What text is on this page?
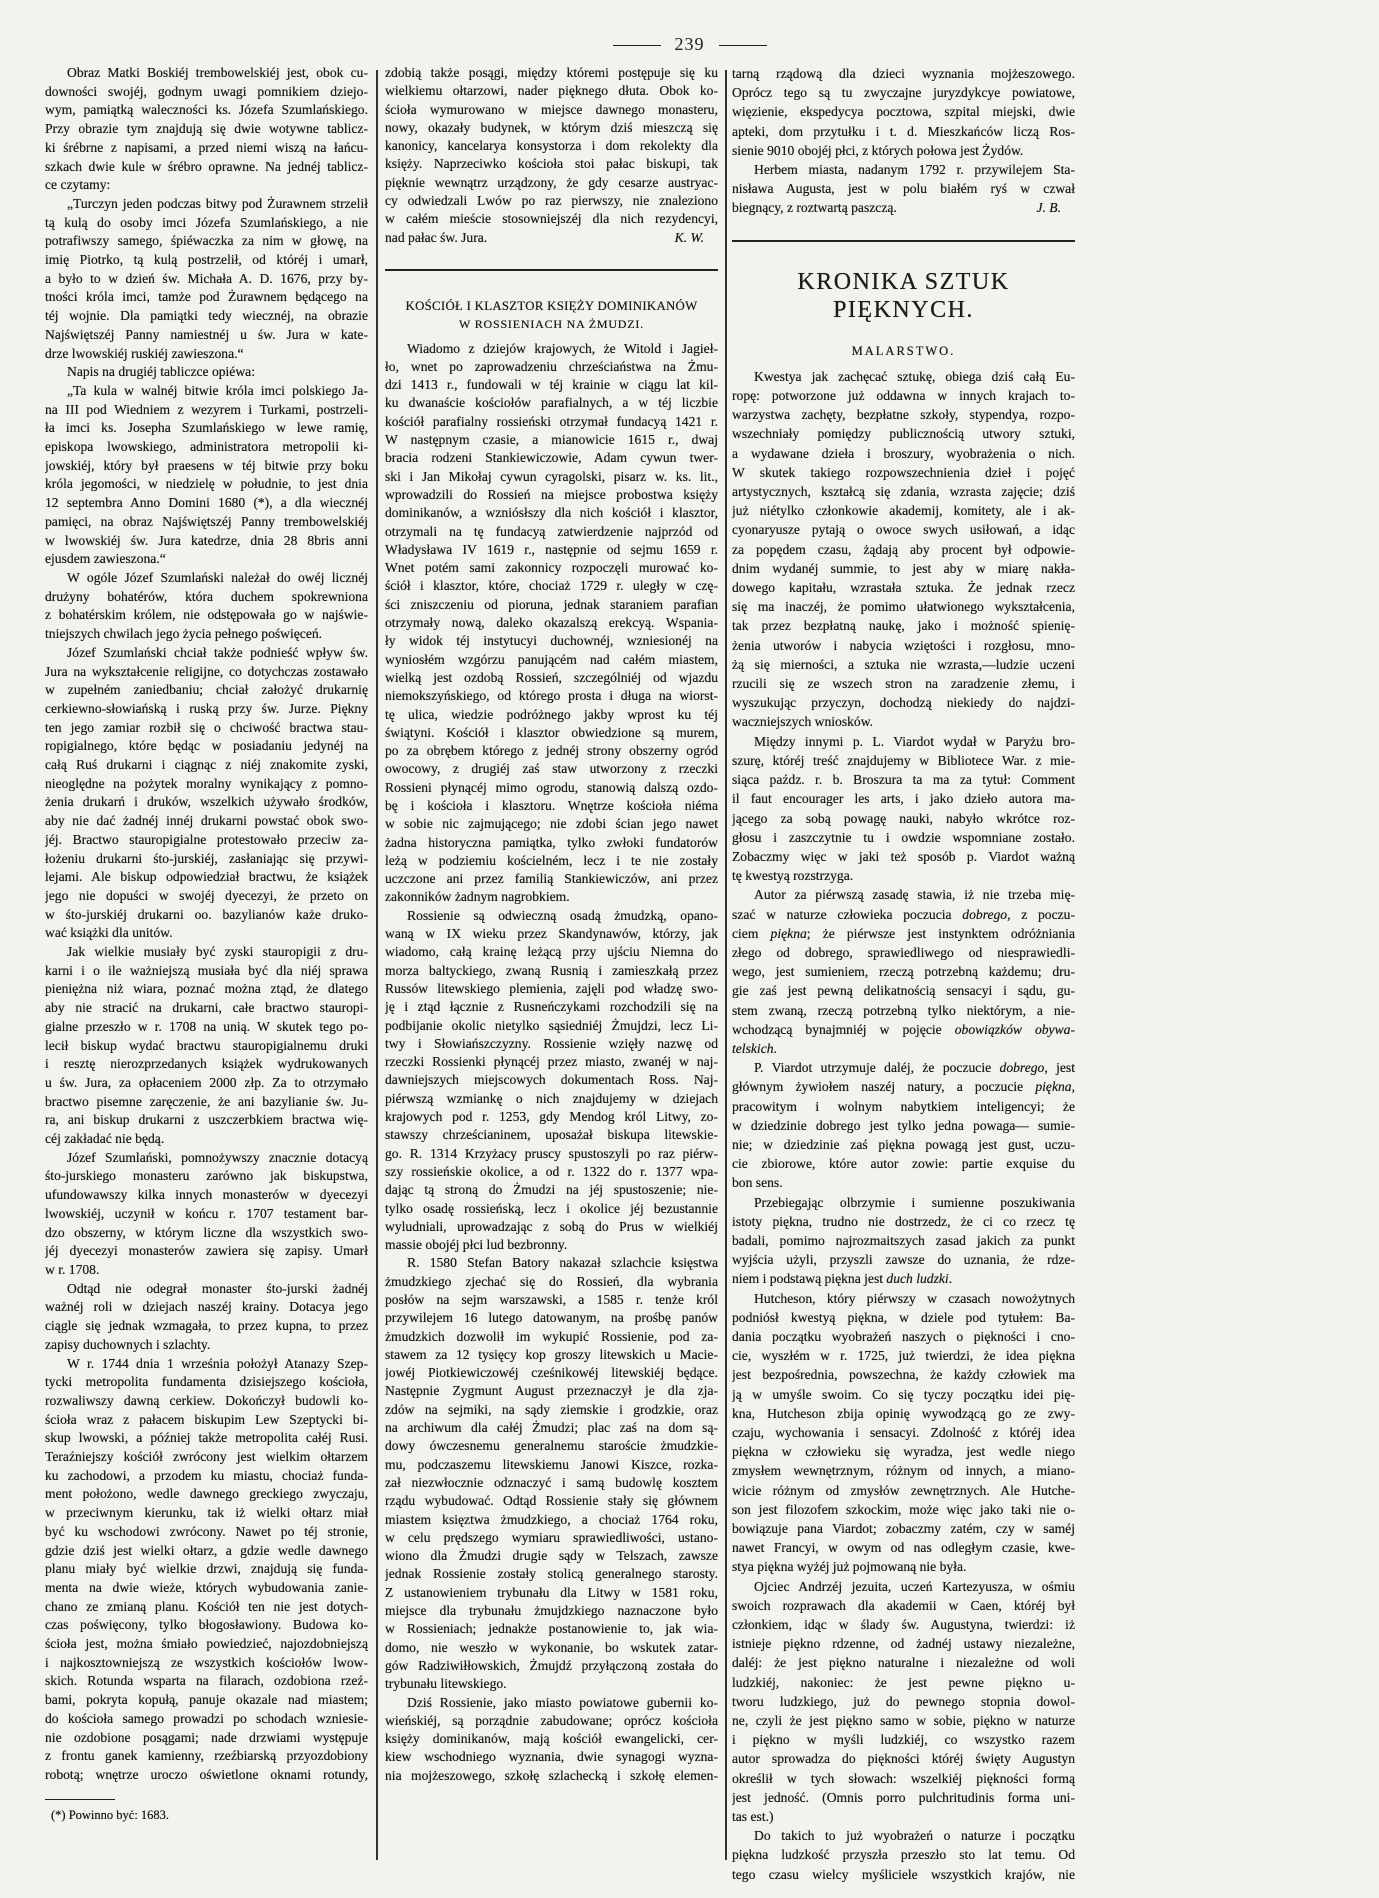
239
Obraz Matki Boskiéj trembowelskiéj jest, obok cu-
downości swojéj, godnym uwagi pomnikiem dziejo-
wym, pamiątką waleczności ks. Józefa Szumlańskiego.
Przy obrazie tym znajdują się dwie wotywne tablicz-
ki śrébrne z napisami, a przed niemi wiszą na łańcu-
szkach dwie kule w śrébro oprawne. Na jednéj tablicz-
ce czytamy:
„Turczyn jeden podczas bitwy pod Żurawnem strzelił
tą kulą do osoby imci Józefa Szumlańskiego, a nie
potrafiwszy samego, śpiéwaczka za nim w głowę, na
imię Piotrko, tą kulą postrzelił, od któréj i umarł,
a było to w dzień św. Michała A. D. 1676, przy by-
tności króla imci, tamże pod Żurawnem będącego na
téj wojnie. Dla pamiątki tedy wiecznéj, na obrazie
Najświętszéj Panny namiestnéj u św. Jura w kate-
drze lwowskiéj ruskiéj zawieszona.“
Napis na drugiéj tabliczce opiéwa:
„Ta kula w walnéj bitwie króla imci polskiego Ja-
na III pod Wiedniem z wezyrem i Turkami, postrzeli-
ła imci ks. Josepha Szumlańskiego w lewe ramię,
episkopa lwowskiego, administratora metropolii ki-
jowskiéj, który był praesens w téj bitwie przy boku
króla jegomości, w niedzielę w południe, to jest dnia
12 septembra Anno Domini 1680 (*), a dla wiecznéj
pamięci, na obraz Najświętszéj Panny trembowelskiéj
w lwowskiéj św. Jura katedrze, dnia 28 8bris anni
ejusdem zawieszona.“
W ogóle Józef Szumlański należał do owéj licznéj
drużyny bohatérów, która duchem spokrewniona
z bohatérskim królem, nie odstępowała go w najświe-
tniejszych chwilach jego życia pełnego poświęceń.
Józef Szumlański chciał także podnieść wpływ św.
Jura na wykształcenie religijne, co dotychczas zostawało
w zupełném zaniedbaniu; chciał założyć drukarnię
cerkiewno-słowiańską i ruską przy św. Jurze. Piękny
ten jego zamiar rozbił się o chciwość bractwa stau-
ropigialnego, które będąc w posiadaniu jedynéj na
całą Ruś drukarni i ciągnąc z niéj znakomite zyski,
nieoględne na pożytek moralny wynikający z pomno-
żenia drukarń i druków, wszelkich używało środków,
aby nie dać żadnéj innéj drukarni powstać obok swo-
jéj. Bractwo stauropigialne protestowało przeciw za-
łożeniu drukarni śto-jurskiéj, zasłaniając się przywi-
lejami. Ale biskup odpowiedział bractwu, że książek
jego nie dopuści w swojéj dyecezyi, że przeto on
w śto-jurskiéj drukarni oo. bazylianów każe druko-
wać książki dla unitów.
Jak wielkie musiały być zyski stauropigii z dru-
karni i o ile ważniejszą musiała być dla niéj sprawa
pieniężna niż wiara, poznać można ztąd, że dlatego
aby nie stracić na drukarni, całe bractwo stauropi-
gialne przeszło w r. 1708 na unią. W skutek tego po-
lecił biskup wydać bractwu stauropigialnemu druki
i resztę nierozprzedanych książek wydrukowanych
u św. Jura, za opłaceniem 2000 złp. Za to otrzymało
bractwo pisemne zaręczenie, że ani bazylianie św. Ju-
ra, ani biskup drukarni z uszczerbkiem bractwa wię-
céj zakładać nie będą.
Józef Szumlański, pomnożywszy znacznie dotacyą
śto-jurskiego monasteru zarówno jak biskupstwa,
ufundowawszy kilka innych monasterów w dyecezyi
lwowskiéj, uczynił w końcu r. 1707 testament bar-
dzo obszerny, w którym liczne dla wszystkich swo-
jéj dyecezyi monasterów zawiera się zapisy. Umarł
w r. 1708.
Odtąd nie odegrał monaster śto-jurski żadnéj
ważnéj roli w dziejach naszéj krainy. Dotacya jego
ciągle się jednak wzmagała, to przez kupna, to przez
zapisy duchownych i szlachty.
W r. 1744 dnia 1 września położył Atanazy Szep-
tycki metropolita fundamenta dzisiejszego kościoła,
rozwaliwszy dawną cerkiew. Dokończył budowli ko-
ścioła wraz z pałacem biskupim Lew Szeptycki bi-
skup lwowski, a później także metropolita całéj Rusi.
Teraźniejszy kościół zwrócony jest wielkim ołtarzem
ku zachodowi, a przodem ku miastu, chociaż funda-
ment położono, wedle dawnego greckiego zwyczaju,
w przeciwnym kierunku, tak iż wielki ołtarz miał
być ku wschodowi zwrócony. Nawet po téj stronie,
gdzie dziś jest wielki ołtarz, a gdzie wedle dawnego
planu miały być wielkie drzwi, znajdują się funda-
menta na dwie wieże, których wybudowania zanie-
chano ze zmianą planu. Kościół ten nie jest dotych-
czas poświęcony, tylko błogosławiony. Budowa ko-
ścioła jest, można śmiało powiedzieć, najozdobniejszą
i najkosztowniejszą ze wszystkich kościołów lwow-
skich. Rotunda wsparta na filarach, ozdobiona rzeź-
bami, pokryta kopułą, panuje okazale nad miastem;
do kościoła samego prowadzi po schodach wzniesie-
nie ozdobione posągami; nade drzwiami występuje
z frontu ganek kamienny, rzeźbiarską przyozdobiony
robotą; wnętrze uroczo oświetlone oknami rotundy,
(*) Powinno być: 1683.
zdobią także posągi, między któremi postępuje się ku
wielkiemu ołtarzowi, nader pięknego dłuta. Obok ko-
ścioła wymurowano w miejsce dawnego monasteru,
nowy, okazały budynek, w którym dziś mieszczą się
kanonicy, kancelarya konsystorza i dom rekolekty dla
księży. Naprzeciwko kościoła stoi pałac biskupi, tak
pięknie wewnątrz urządzony, że gdy cesarze austryac-
cy odwiedzali Lwów po raz pierwszy, nie znaleziono
w całém mieście stosowniejszéj dla nich rezydencyi,
nad pałac św. Jura.	K. W.
KOŚCIÓŁ I KLASZTOR KSIĘŻY DOMINIKANÓW
W ROSSIENIACH NA ŻMUDZI.
Wiadomo z dziejów krajowych, że Witold i Jagieł-
ło, wnet po zaprowadzeniu chrześciaństwa na Żmu-
dzi 1413 r., fundowali w téj krainie w ciągu lat kil-
ku dwanaście kościołów parafialnych, a w téj liczbie
kościół parafialny rossieński otrzymał fundacyą 1421 r.
W następnym czasie, a mianowicie 1615 r., dwaj
bracia rodzeni Stankiewiczowie, Adam cywun twer-
ski i Jan Mikołaj cywun cyragolski, pisarz w. ks. lit.,
wprowadzili do Rossień na miejsce probostwa księży
dominikanów, a wzniósłszy dla nich kościół i klasztor,
otrzymali na tę fundacyą zatwierdzenie najprzód od
Władysława IV 1619 r., następnie od sejmu 1659 r.
Wnet potém sami zakonnicy rozpoczęli murować ko-
ściół i klasztor, które, chociaż 1729 r. uległy w czę-
ści zniszczeniu od pioruna, jednak staraniem parafian
otrzymały nową, daleko okazalszą erekcyą. Wspania-
ły widok téj instytucyi duchownéj, wzniesionéj na
wyniosłém wzgórzu panującém nad całém miastem,
wielką jest ozdobą Rossień, szczególniéj od wjazdu
niemokszyńskiego, od którego prosta i długa na wiorst-
tę ulica, wiedzie podróżnego jakby wprost ku téj
świątyni. Kościół i klasztor obwiedzione są murem,
po za obrębem którego z jednéj strony obszerny ogród
owocowy, z drugiéj zaś staw utworzony z rzeczki
Rossieni płynącéj mimo ogrodu, stanowią dalszą ozdo-
bę i kościoła i klasztoru. Wnętrze kościoła niéma
w sobie nic zajmującego; nie zdobi ścian jego nawet
żadna historyczna pamiątka, tylko zwłoki fundatorów
leżą w podziemiu kościelném, lecz i te nie zostały
uczczone ani przez familią Stankiewiczów, ani przez
zakonników żadnym nagrobkiem.
Rossienie są odwieczną osadą żmudzką, opano-
waną w IX wieku przez Skandynawów, którzy, jak
wiadomo, całą krainę leżącą przy ujściu Niemna do
morza baltyckiego, zwaną Rusnią i zamieszkałą przez
Russów litewskiego plemienia, zajęli pod władzę swo-
ję i ztąd łącznie z Rusneńczykami rozchodzili się na
podbijanie okolic nietylko sąsiedniéj Żmujdzi, lecz Li-
twy i Słowiańszczyzny. Rossienie wzięły nazwę od
rzeczki Rossienki płynącéj przez miasto, zwanéj w naj-
dawniejszych miejscowych dokumentach Ross. Naj-
piérwszą wzmiankę o nich znajdujemy w dziejach
krajowych pod r. 1253, gdy Mendog król Litwy, zo-
stawszy chrześcianinem, uposażał biskupa litewskie-
go. R. 1314 Krzyżacy pruscy spustoszyli po raz piérw-
szy rossieńskie okolice, a od r. 1322 do r. 1377 wpa-
dając tą stroną do Żmudzi na jéj spustoszenie; nie-
tylko osadę rossieńską, lecz i okolice jéj bezustannie
wyludniali, uprowadzając z sobą do Prus w wielkiéj
massie obojéj płci lud bezbronny.
R. 1580 Stefan Batory nakazał szlachcie księstwa
żmudzkiego zjechać się do Rossień, dla wybrania
posłów na sejm warszawski, a 1585 r. tenże król
przywilejem 16 lutego datowanym, na prośbę panów
żmudzkich dozwolił im wykupić Rossienie, pod za-
stawem za 12 tysięcy kop groszy litewskich u Macie-
jowéj Piotkiewiczowéj cześnikowéj litewskiéj będące.
Następnie Zygmunt August przeznaczył je dla zja-
zdów na sejmiki, na sądy ziemskie i grodzkie, oraz
na archiwum dla całéj Żmudzi; plac zaś na dom są-
dowy ówczesnemu generalnemu staroście żmudzkie-
mu, podczaszemu litewskiemu Janowi Kiszce, rozka-
zał niezwłocznie odznaczyć i samą budowlę kosztem
rządu wybudować. Odtąd Rossienie stały się głównem
miastem księztwa żmudzkiego, a chociaż 1764 roku,
w celu prędszego wymiaru sprawiedliwości, ustano-
wiono dla Żmudzi drugie sądy w Telszach, zawsze
jednak Rossienie zostały stolicą generalnego starosty.
Z ustanowieniem trybunału dla Litwy w 1581 roku,
miejsce dla trybunału żmujdzkiego naznaczone było
w Rossieniach; jednakże postanowienie to, jak wia-
domo, nie weszło w wykonanie, bo wskutek zatar-
gów Radziwiłłowskich, Żmujdź przyłączoną została do
trybunału litewskiego.
Dziś Rossienie, jako miasto powiatowe gubernii ko-
wieńskiéj, są porządnie zabudowane; oprócz kościoła
księży dominikanów, mają kościół ewangelicki, cer-
kiew wschodniego wyznania, dwie synagogi wyzna-
nia mojżeszowego, szkołę szlachecką i szkołę elemen-
tarną rządową dla dzieci wyznania mojżeszowego.
Oprócz tego są tu zwyczajne juryzdykcye powiatowe,
więzienie, ekspedycya pocztowa, szpital miejski, dwie
apteki, dom przytułku i t. d. Mieszkańców liczą Ros-
sienie 9010 obojéj płci, z których połowa jest Żydów.
Herbem miasta, nadanym 1792 r. przywilejem Sta-
nisława Augusta, jest w polu białém ryś w czwał
biegnący, z roztwartą paszczą.	J. B.
KRONIKA SZTUK PIĘKNYCH.
MALARSTWO.
Kwestya jak zachęcać sztukę, obiega dziś całą Eu-
ropę: potworzone już oddawna w innych krajach to-
warzystwa zachęty, bezpłatne szkoły, stypendya, rozpo-
wszechniały pomiędzy publicznością utwory sztuki,
a wydawane dzieła i broszury, wyobrażenia o nich.
W skutek takiego rozpowszechnienia dzieł i pojęć
artystycznych, kształcą się zdania, wzrasta zajęcie; dziś
już niétylko członkowie akademij, komitety, ale i ak-
cyonaryusze pytają o owoce swych usiłowań, a idąc
za popędem czasu, żądają aby procent był odpowie-
dnim wydanéj summie, to jest aby w miarę nakła-
dowego kapitału, wzrastała sztuka. Że jednak rzecz
się ma inaczéj, że pomimo ułatwionego wykształcenia,
tak przez bezpłatną naukę, jako i możność spienię-
żenia utworów i nabycia wziętości i rozgłosu, mno-
żą się mierności, a sztuka nie wzrasta,—ludzie uczeni
rzucili się ze wszech stron na zaradzenie złemu, i
wyszukując przyczyn, dochodzą niekiedy do najdzi-
waczniejszych wniosków.
Między innymi p. L. Viardot wydał w Paryżu bro-
szurę, któréj treść znajdujemy w Bibliotece War. z mie-
siąca paźdz. r. b. Broszura ta ma za tytuł: Comment
il faut encourager les arts, i jako dzieło autora ma-
jącego za sobą powagę nauki, nabyło wkrótce roz-
głosu i zaszczytnie tu i owdzie wspomniane zostało.
Zobaczmy więc w jaki też sposób p. Viardot ważną
tę kwestyą rozstrzyga.
Autor za piérwszą zasadę stawia, iż nie trzeba mię-
szać w naturze człowieka poczucia dobrego, z poczu-
ciem piękna; że piérwsze jest instynktem odróżniania
złego od dobrego, sprawiedliwego od niesprawiedli-
wego, jest sumieniem, rzeczą potrzebną każdemu; dru-
gie zaś jest pewną delikatnością sensacyi i sądu, gu-
stem zwaną, rzeczą potrzebną tylko niektórym, a nie-
wchodzącą bynajmniéj w pojęcie obowiązków obywa-
telskich.
P. Viardot utrzymuje daléj, że poczucie dobrego, jest
głównym żywiołem naszéj natury, a poczucie piękna,
pracowitym i wolnym nabytkiem inteligencyi; że
w dziedzinie dobrego jest tylko jedna powaga— sumie-
nie; w dziedzinie zaś piękna powagą jest gust, uczu-
cie zbiorowe, które autor zowie: partie exquise du
bon sens.
Przebiegając olbrzymie i sumienne poszukiwania
istoty piękna, trudno nie dostrzedz, że ci co rzecz tę
badali, pomimo najrozmaitszych zasad jakich za punkt
wyjścia użyli, przyszli zawsze do uznania, że rdze-
niem i podstawą piękna jest duch ludzki.
Hutcheson, który piérwszy w czasach nowożytnych
podniósł kwestyą piękna, w dziele pod tytułem: Ba-
dania początku wyobrażeń naszych o piękności i cno-
cie, wyszłém w r. 1725, już twierdzi, że idea piękna
jest bezpośrednia, powszechna, że każdy człowiek ma
ją w umyśle swoim. Co się tyczy początku idei pię-
kna, Hutcheson zbija opinię wywodzącą go ze zwy-
czaju, wychowania i sensacyi. Zdolność z któréj idea
piękna w człowieku się wyradza, jest wedle niego
zmysłem wewnętrznym, różnym od innych, a miano-
wicie różnym od zmysłów zewnętrznych. Ale Hutche-
son jest filozofem szkockim, może więc jako taki nie o-
bowiązuje pana Viardot; zobaczmy zatém, czy w saméj
nawet Francyi, w owym od nas odległym czasie, kwe-
stya piękna wyżéj już pojmowaną nie była.
Ojciec Andrzéj jezuita, uczeń Kartezyusza, w ośmiu
swoich rozprawach dla akademii w Caen, któréj był
członkiem, idąc w ślady św. Augustyna, twierdzi: iż
istnieje piękno rdzenne, od żadnéj ustawy niezależne,
daléj: że jest piękno naturalne i niezależne od woli
ludzkiéj, nakoniec: że jest pewne piękno u-
tworu ludzkiego, już do pewnego stopnia dowol-
ne, czyli że jest piękno samo w sobie, piękno w naturze
i piękno w myśli ludzkiéj, co wszystko razem
autor sprowadza do piękności któréj święty Augustyn
określił w tych słowach: wszelkiéj piękności formą
jest jedność. (Omnis porro pulchritudinis forma uni-
tas est.)
Do takich to już wyobrażeń o naturze i początku
piękna ludzkość przyszła przeszło sto lat temu. Od
tego czasu wielcy myśliciele wszystkich krajów, nie
